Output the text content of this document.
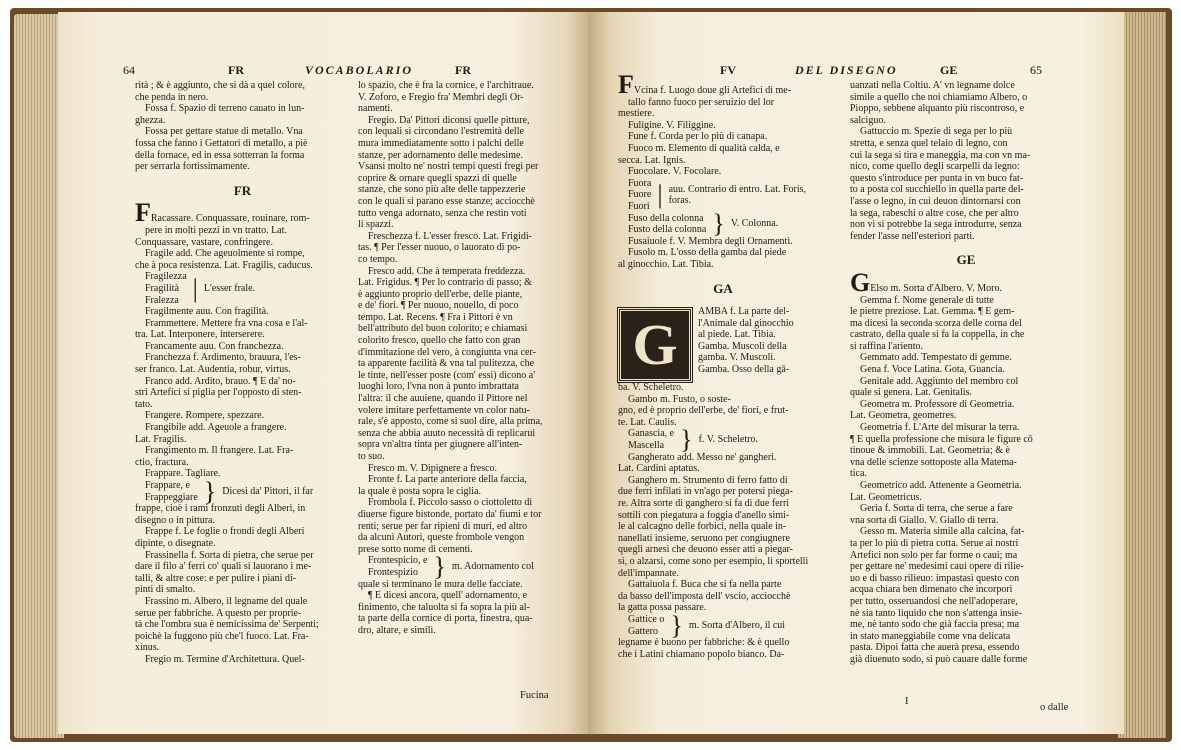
64	FR	VOCABOLARIO	FR	FV	DEL DISEGNO	GE	65
rità ; & è aggiunto, che si dà a quel colore,
che penda in nero.
Fossa f. Spazio di terreno cauato in lun-
ghezza.
Fossa per gettare statue di metallo. Vna
fossa che fanno i Gettatori di metallo, a piè
della fornace, ed in essa sotterran la forma
per serrarla fortissimamente.
FR
FRacassare. Conquassare, rouinare, rom-
pere in molti pezzi in vn tratto. Lat.
Conquassare, vastare, confringere.
Fragile add. Che ageuolmente si rompe,
che à poca resistenza. Lat. Fragilis, caducus.
Fragilezza
Fragilità
Fralezza | L'esser frale.
Fragilmente auu. Con fragilità.
Frammettere. Mettere fra vna cosa e l'al-
tra. Lat. Interponere, interserere.
Francamente auu. Con franchezza.
Franchezza f. Ardimento, brauura, l'es-
ser franco. Lat. Audentia, robur, virtus.
Franco add. Ardito, brauo. ¶ E da' no-
stri Artefici si piglia per l'opposto di sten-
tato.
Frangere. Rompere, spezzare.
Frangibile add. Ageuole a frangere.
Lat. Fragilis.
Frangimento m. Il frangere. Lat. Fra-
ctio, fractura.
Frappare. Tagliare.
Frappare, e
Frappeggiare } Dicesi da' Pittori, il far
frappe, cioè i rami fronzuti degli Alberi, in
disegno o in pittura.
Frappe f. Le foglie o frondi degli Alberi
dipinte, o disegnate.
Frassinella f. Sorta di pietra, che serue per
dare il filo a' ferri co' quali si lauorano i me-
talli, & altre cose: e per pulire i piani di-
pinti di smalto.
Frassino m. Albero, il legname del quale
serue per fabbriche. A questo per proprie-
tà che l'ombra sua è nemicissima de' Serpenti;
poichè la fuggono più che'l fuoco. Lat. Fra-
xinus.
Fregio m. Termine d'Architettura. Quel-
lo spazio, che è fra la cornice, e l'architraue.
V. Zoforo, e Fregio fra' Membri degli Or-
namenti.
Fregio. Da' Pittori diconsi quelle pitture,
con lequali si circondano l'estremità delle
mura immediatamente sotto i palchi delle
stanze, per adornamento delle medesime.
Vsansi molto ne' nostri tempi questi fregi per
coprire & ornare quegli spazzi di quelle
stanze, che sono più alte delle tappezzerie
con le quali si parano esse stanze; acciocchè
tutto venga adornato, senza che restin voti
li spazzi.
Freschezza f. L'esser fresco. Lat. Frigidi-
tas. ¶ Per l'esser nuouo, o lauorato di po-
co tempo.
Fresco add. Che à temperata freddezza.
Lat. Frigidus. ¶ Per lo contrario di passo; &
è aggiunto proprio dell'erbe, delle piante,
e de' fiori. ¶ Per nuouo, nouello, di poco
tempo. Lat. Recens. ¶ Fra i Pittori è vn
bell'attributo del buon colorito; e chiamasi
colorito fresco, quello che fatto con gran
d'immitazione del vero, à congiunta vna cer-
ta apparente facilità & vna tal pulitezza, che
le tinte, nell'esser poste (com' essi) dicono a'
luoghi loro, l'vna non à punto imbrattata
l'altra: il che auuiene, quando il Pittore nel
volere imitare perfettamente vn color natu-
rale, s'è apposto, come si suol dire, alla prima,
senza che abbia auuto necessità di replicarui
sopra vn'altra tinta per giugnere all'inten-
to suo.
Fresco m. V. Dipignere a fresco.
Fronte f. La parte anteriore della faccia,
la quale è posta sopra le ciglia.
Frombola f. Piccolo sasso o ciottoletto di
diuerse figure bistonde, portato da' fiumi e tor
renti; serue per far ripieni di muri, ed altro
da alcuni Autori, queste frombole vengon
prese sotto nome di cementi.
Frontespicio, e
Frontespizio } m. Adornamento col
quale si terminano le mura delle facciate.
¶ E dicesi ancora, quell' adornamento, e
finimento, che taluolta si fa sopra la più al-
ta parte della cornice di porta, finestra, qua-
dro, altare, e simili.
FVcina f. Luogo doue gli Artefici di me-
tallo fanno fuoco per seruizio del lor
mestiere.
Fuligine. V. Filiggine.
Fune f. Corda per lo più di canapa.
Fuoco m. Elemento di qualità calda, e
secca. Lat. Ignis.
Fuocolare. V. Focolare.
Fuora
Fuore
Fuori | auu. Contrario di entro. Lat. Foris, foras.
Fuso della colonna
Fusto della colonna } V. Colonna.
Fusaiuole f. V. Membra degli Ornamenti.
Fusolo m. L'osso della gamba dal piede
al ginocchio. Lat. Tibia.
GA
G
AMBA f. La parte del-
l'Animale dal ginocchio
al piede. Lat. Tibia.
Gamba. Muscoli della
gamba. V. Muscoli.
Gamba. Osso della gā-
ba. V. Scheletro.
Gambo m. Fusto, o soste-
gno, ed è proprio dell'erbe, de' fiori, e frut-
te. Lat. Caulis.
Ganascia, e
Mascella } f. V. Scheletro.
Gangherato add. Messo ne' gangheri.
Lat. Cardini aptatus.
Ganghero m. Strumento di ferro fatto di
due ferri infilati in vn'ago per potersi piega-
re. Altra sorte di ganghero si fa di due ferri
sottili con piegatura a foggia d'anello simi-
le al calcagno delle forbici, nella quale in-
nanellati insieme, seruono per congiugnere
quegli arnesi che deuono esser atti a piegar-
si, o alzarsi, come sono per esempio, li sportelli
dell'impannate.
Gattaiuola f. Buca che si fa nella parte
da basso dell'imposta dell' vscio, acciocchè
la gatta possa passare.
Gattice o
Gattero } m. Sorta d'Albero, il cui
legname è buono per fabbriche: & è quello
che i Latini chiamano popolo bianco. Da-
uanzati nella Coltiu. A' vn legname dolce
simile a quello che noi chiamiamo Albero, o
Pioppo, sebbene alquanto più riscontroso, e
salciguo.
Gattuccio m. Spezie di sega per lo più
stretta, e senza quel telaio di legno, con
cui la sega si tira e maneggia, ma con vn ma-
nico, come quello degli scarpelli da legno:
questo s'introduce per punta in vn buco fat-
to a posta col succhiello in quella parte del-
l'asse o legno, in cui deuon dintornarsi con
la sega, rabeschi o altre cose, che per altro
non vi si potrebbe la sega introdurre, senza
fender l'asse nell'esteriori parti.
GE
GElso m. Sorta d'Albero. V. Moro.
Gemma f. Nome generale di tutte
le pietre preziose. Lat. Gemma. ¶ E gem-
ma dicesi la seconda scorza delle corna del
castrato, della quale si fa la coppella, in che
si raffina l'ariento.
Gemmato add. Tempestato di gemme.
Gena f. Voce Latina. Gota, Guancia.
Genitale add. Aggiunto del membro col
quale si genera. Lat. Genitalis.
Geometra m. Professore di Geometria.
Lat. Geometra, geometres.
Geometria f. L'Arte del misurar la terra.
¶ E quella professione che misura le figure cō
tinoue & immobili. Lat. Geometria; & è
vna delle scienze sottoposte alla Matema-
tica.
Geometrico add. Attenente a Geometria.
Lat. Geometricus.
Geria f. Sorta di terra, che serue a fare
vna sorta di Giallo. V. Giallo di terra.
Gesso m. Materia simile alla calcina, fat-
ta per lo più di pietra cotta. Serue ai nostri
Artefici non solo per far forme o caui; ma
per gettare ne' medesimi caui opere di rilie-
uo e di basso rilieuo: impastasi questo con
acqua chiara ben dimenato che incorpori
per tutto, osseruandosi che nell'adoperare,
nè sia tanto liquido che non s'attenga insie-
me, nè tanto sodo che già faccia presa; ma
in stato maneggiabile come vna delicata
pasta. Dipoi fatta che auerà presa, essendo
già diuenuto sodo, si può cauare dalle forme
Fucina
I
o dalle
